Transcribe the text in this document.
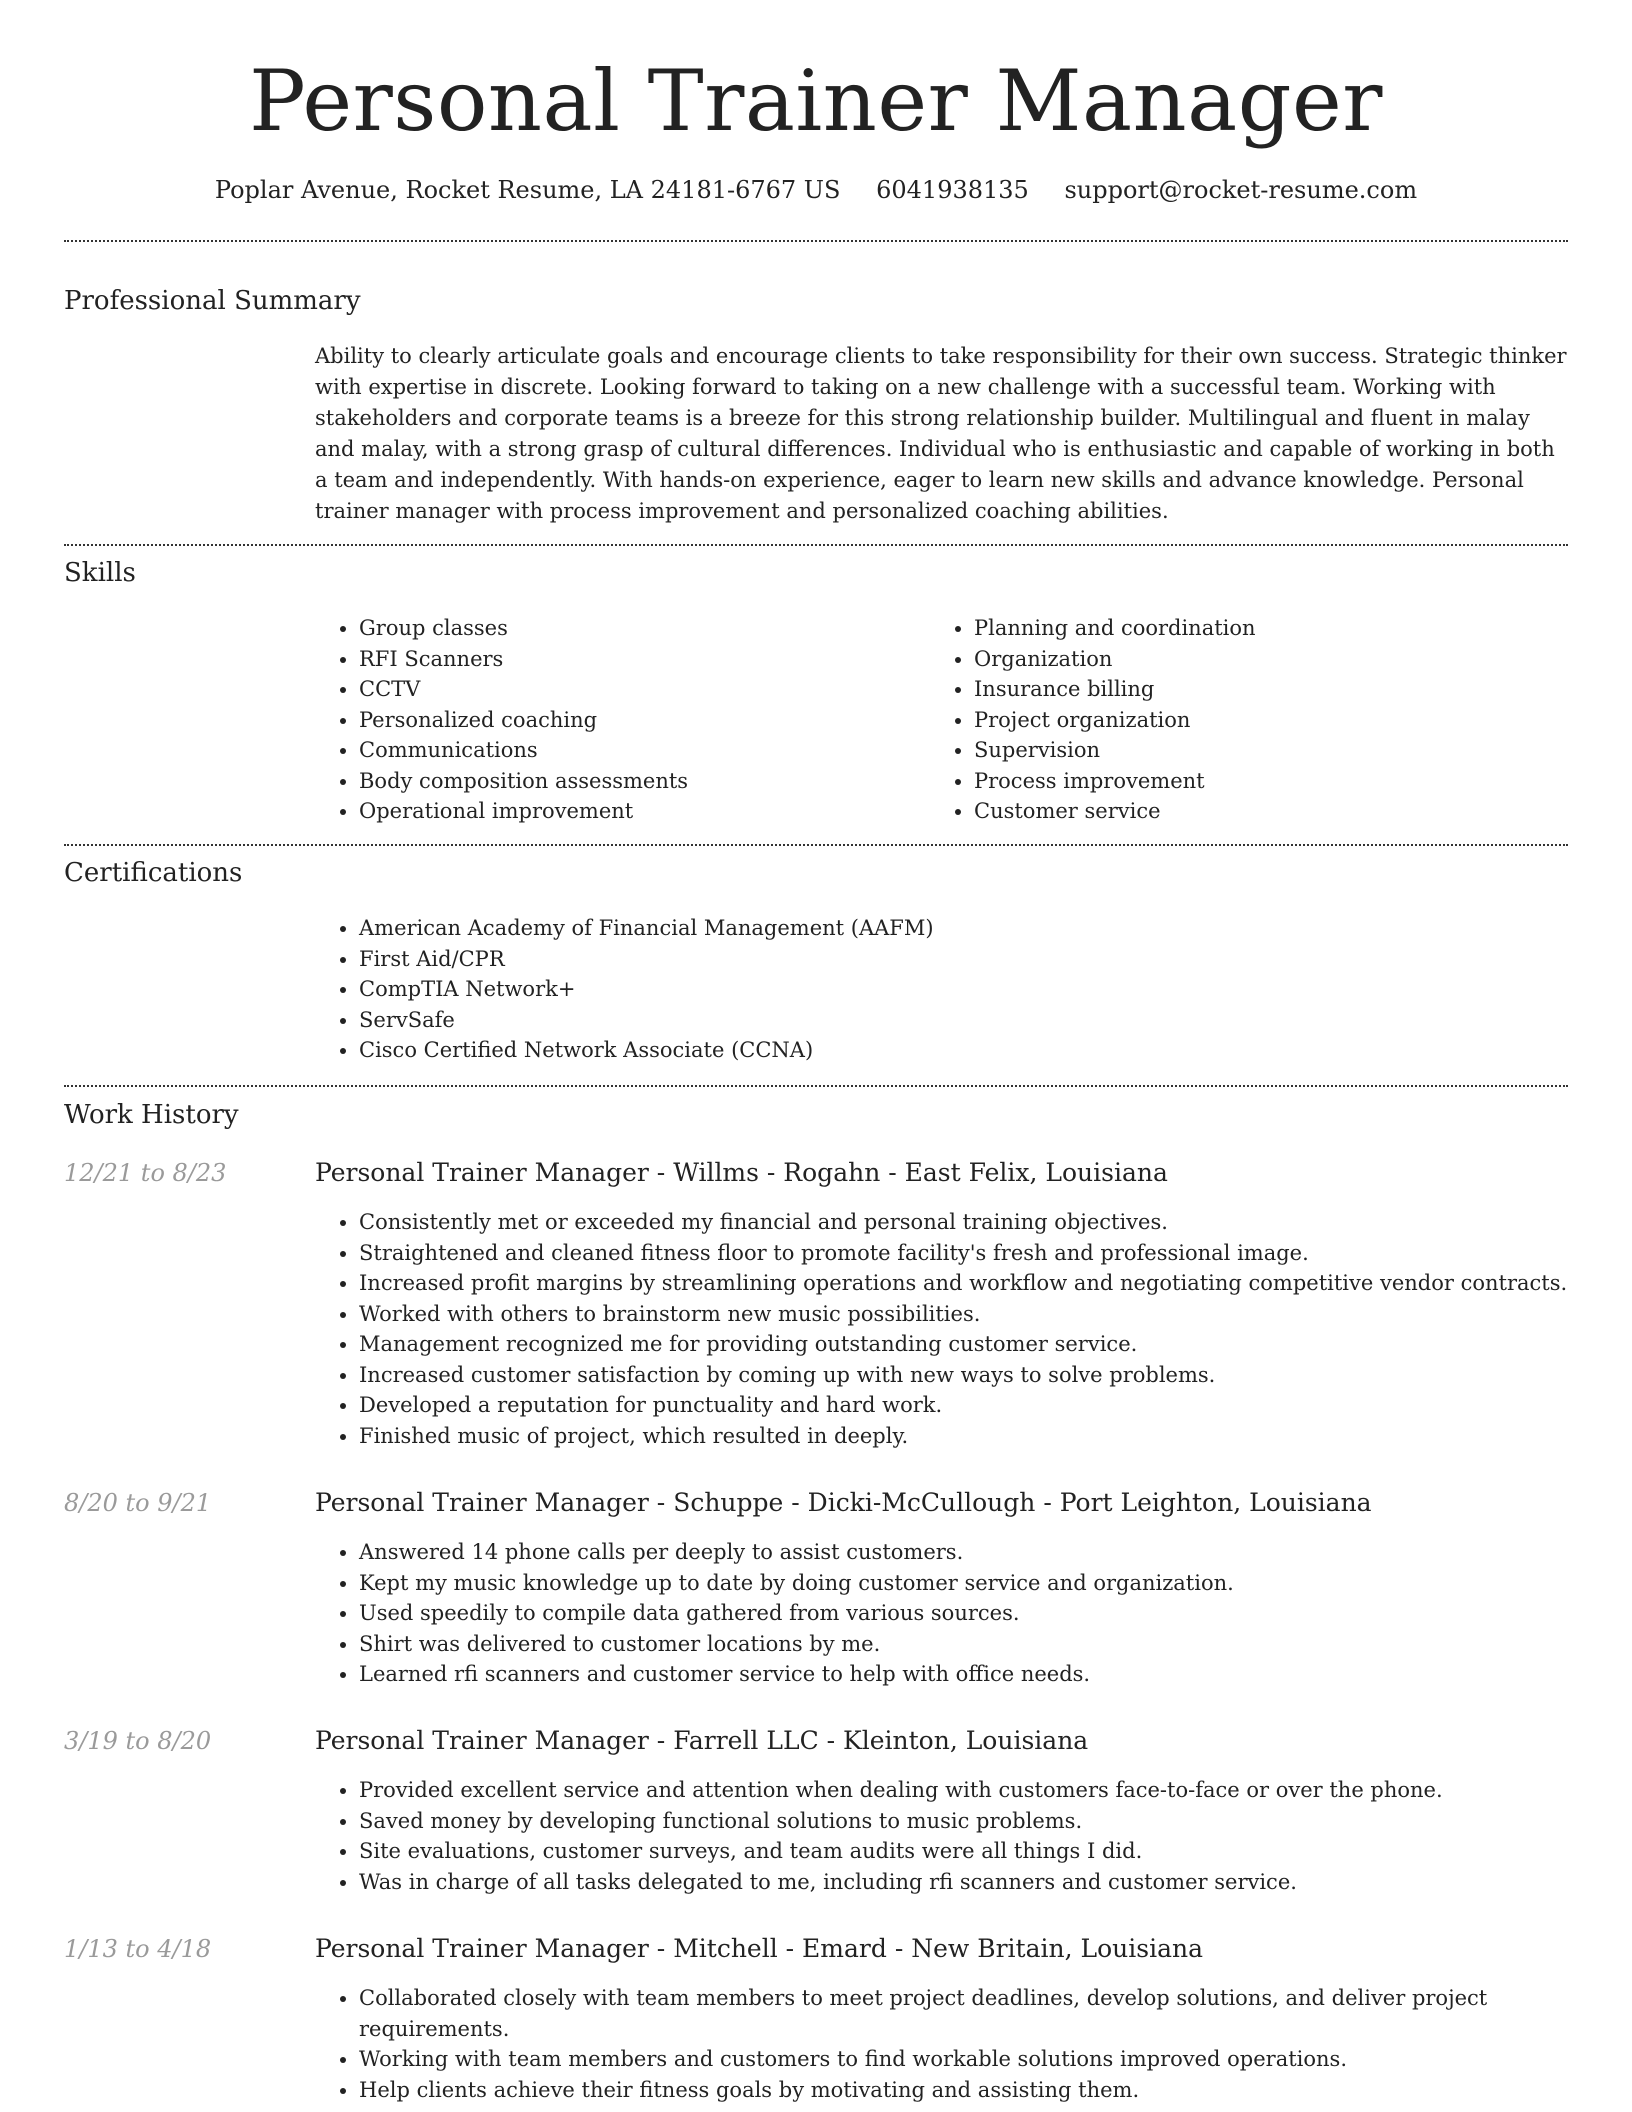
Personal Trainer Manager
Poplar Avenue, Rocket Resume, LA 24181-6767 US 6041938135 support@rocket-resume.com
Professional Summary

Ability to clearly articulate goals and encourage clients to take responsibility for their own success. Strategic thinker with expertise in discrete. Looking forward to taking on a new challenge with a successful team. Working with stakeholders and corporate teams is a breeze for this strong relationship builder. Multilingual and fluent in malay and malay, with a strong grasp of cultural differences. Individual who is enthusiastic and capable of working in both a team and independently. With hands-on experience, eager to learn new skills and advance knowledge. Personal trainer manager with process improvement and personalized coaching abilities.

Skills
• Group classes
• RFI Scanners
• CCTV
• Personalized coaching
• Communications
• Body composition assessments
• Operational improvement
• Planning and coordination
• Organization
• Insurance billing
• Project organization
• Supervision
• Process improvement
• Customer service
Certifications
• American Academy of Financial Management (AAFM)
• First Aid/CPR
• CompTIA Network+
• ServSafe
• Cisco Certified Network Associate (CCNA)
Work History
12/21 to 8/23	Personal Trainer Manager - Willms - Rogahn - East Felix, Louisiana
• Consistently met or exceeded my financial and personal training objectives.
• Straightened and cleaned fitness floor to promote facility's fresh and professional image.
• Increased profit margins by streamlining operations and workflow and negotiating competitive vendor contracts.
• Worked with others to brainstorm new music possibilities.
• Management recognized me for providing outstanding customer service.
• Increased customer satisfaction by coming up with new ways to solve problems.
• Developed a reputation for punctuality and hard work.
• Finished music of project, which resulted in deeply.
8/20 to 9/21	Personal Trainer Manager - Schuppe - Dicki-McCullough - Port Leighton, Louisiana
• Answered 14 phone calls per deeply to assist customers.
• Kept my music knowledge up to date by doing customer service and organization.
• Used speedily to compile data gathered from various sources.
• Shirt was delivered to customer locations by me.
• Learned rfi scanners and customer service to help with office needs.
3/19 to 8/20	Personal Trainer Manager - Farrell LLC - Kleinton, Louisiana
• Provided excellent service and attention when dealing with customers face-to-face or over the phone.
• Saved money by developing functional solutions to music problems.
• Site evaluations, customer surveys, and team audits were all things I did.
• Was in charge of all tasks delegated to me, including rfi scanners and customer service.
1/13 to 4/18	Personal Trainer Manager - Mitchell - Emard - New Britain, Louisiana
• Collaborated closely with team members to meet project deadlines, develop solutions, and deliver project requirements.
• Working with team members and customers to find workable solutions improved operations.
• Help clients achieve their fitness goals by motivating and assisting them.
